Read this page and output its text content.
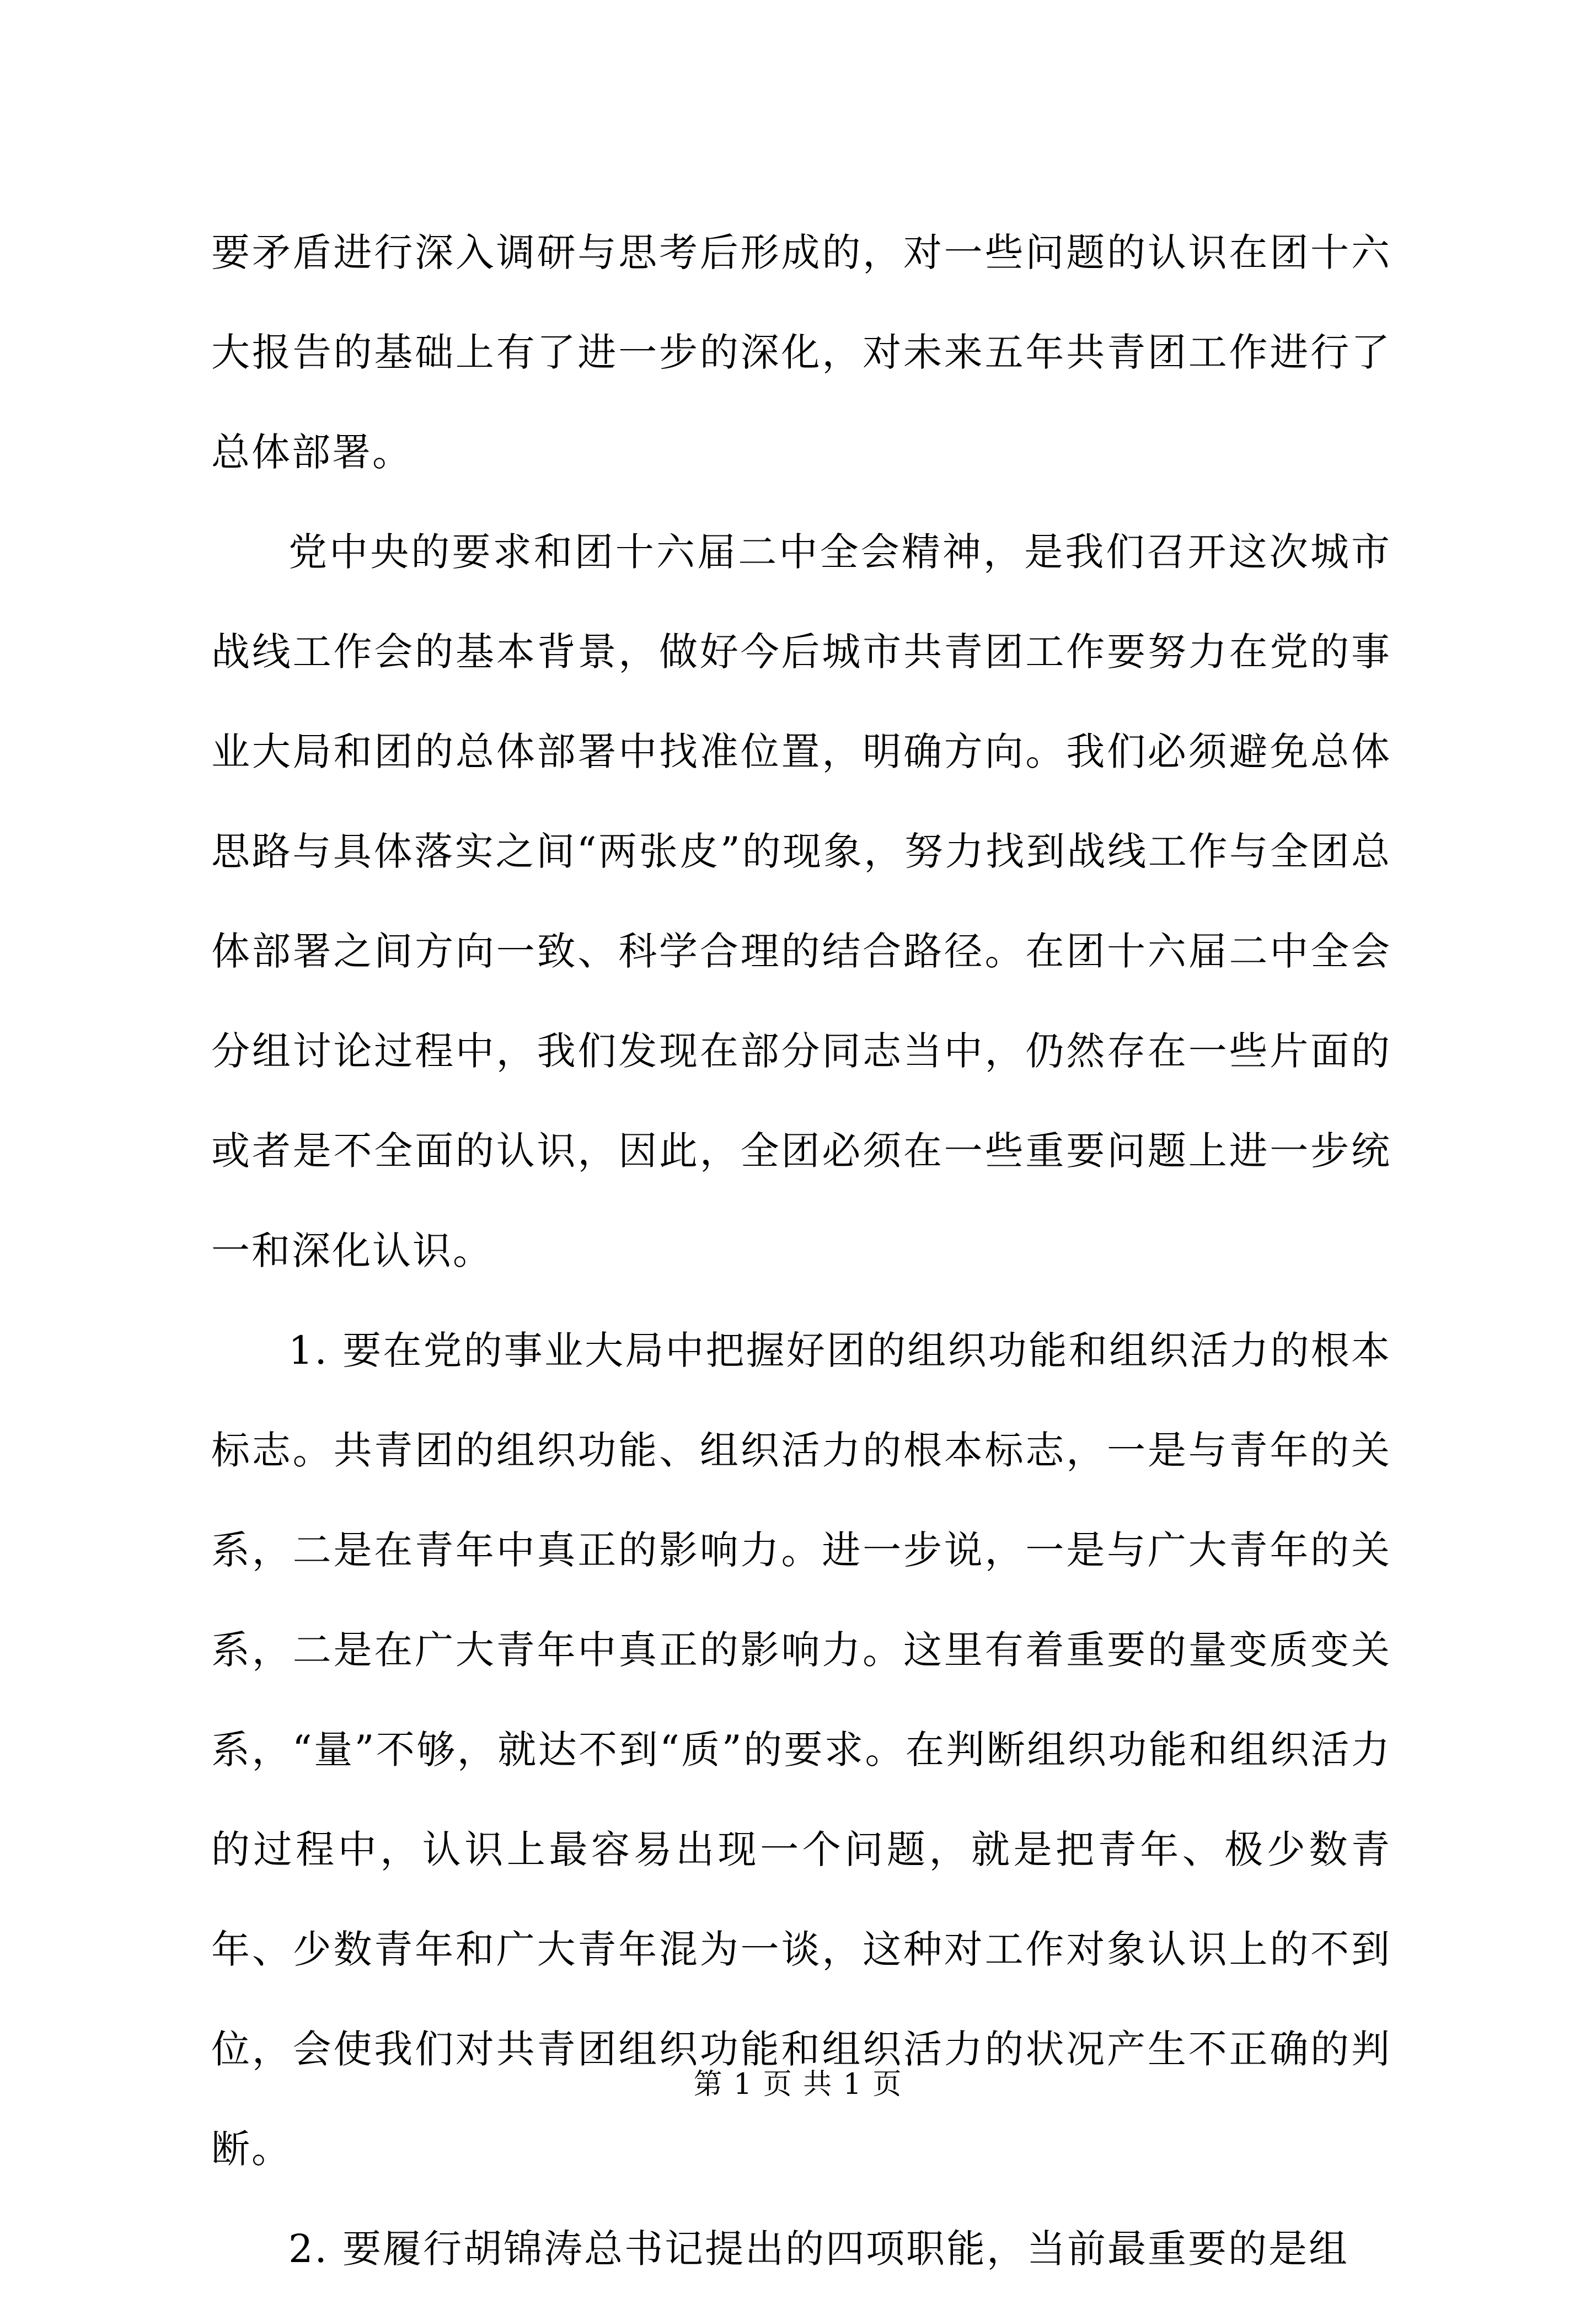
要矛盾进行深入调研与思考后形成的，对一些问题的认识在团十六大报告的基础上有了进一步的深化，对未来五年共青团工作进行了总体部署。

党中央的要求和团十六届二中全会精神，是我们召开这次城市战线工作会的基本背景，做好今后城市共青团工作要努力在党的事业大局和团的总体部署中找准位置，明确方向。我们必须避免总体思路与具体落实之间“两张皮”的现象，努力找到战线工作与全团总体部署之间方向一致、科学合理的结合路径。在团十六届二中全会分组讨论过程中，我们发现在部分同志当中，仍然存在一些片面的或者是不全面的认识，因此，全团必须在一些重要问题上进一步统一和深化认识。

1. 要在党的事业大局中把握好团的组织功能和组织活力的根本标志。共青团的组织功能、组织活力的根本标志，一是与青年的关系，二是在青年中真正的影响力。进一步说，一是与广大青年的关系，二是在广大青年中真正的影响力。这里有着重要的量变质变关系，“量”不够，就达不到“质”的要求。在判断组织功能和组织活力的过程中，认识上最容易出现一个问题，就是把青年、极少数青年、少数青年和广大青年混为一谈，这种对工作对象认识上的不到位，会使我们对共青团组织功能和组织活力的状况产生不正确的判断。

2. 要履行胡锦涛总书记提出的四项职能，当前最重要的是组

第 1 页 共 1 页
